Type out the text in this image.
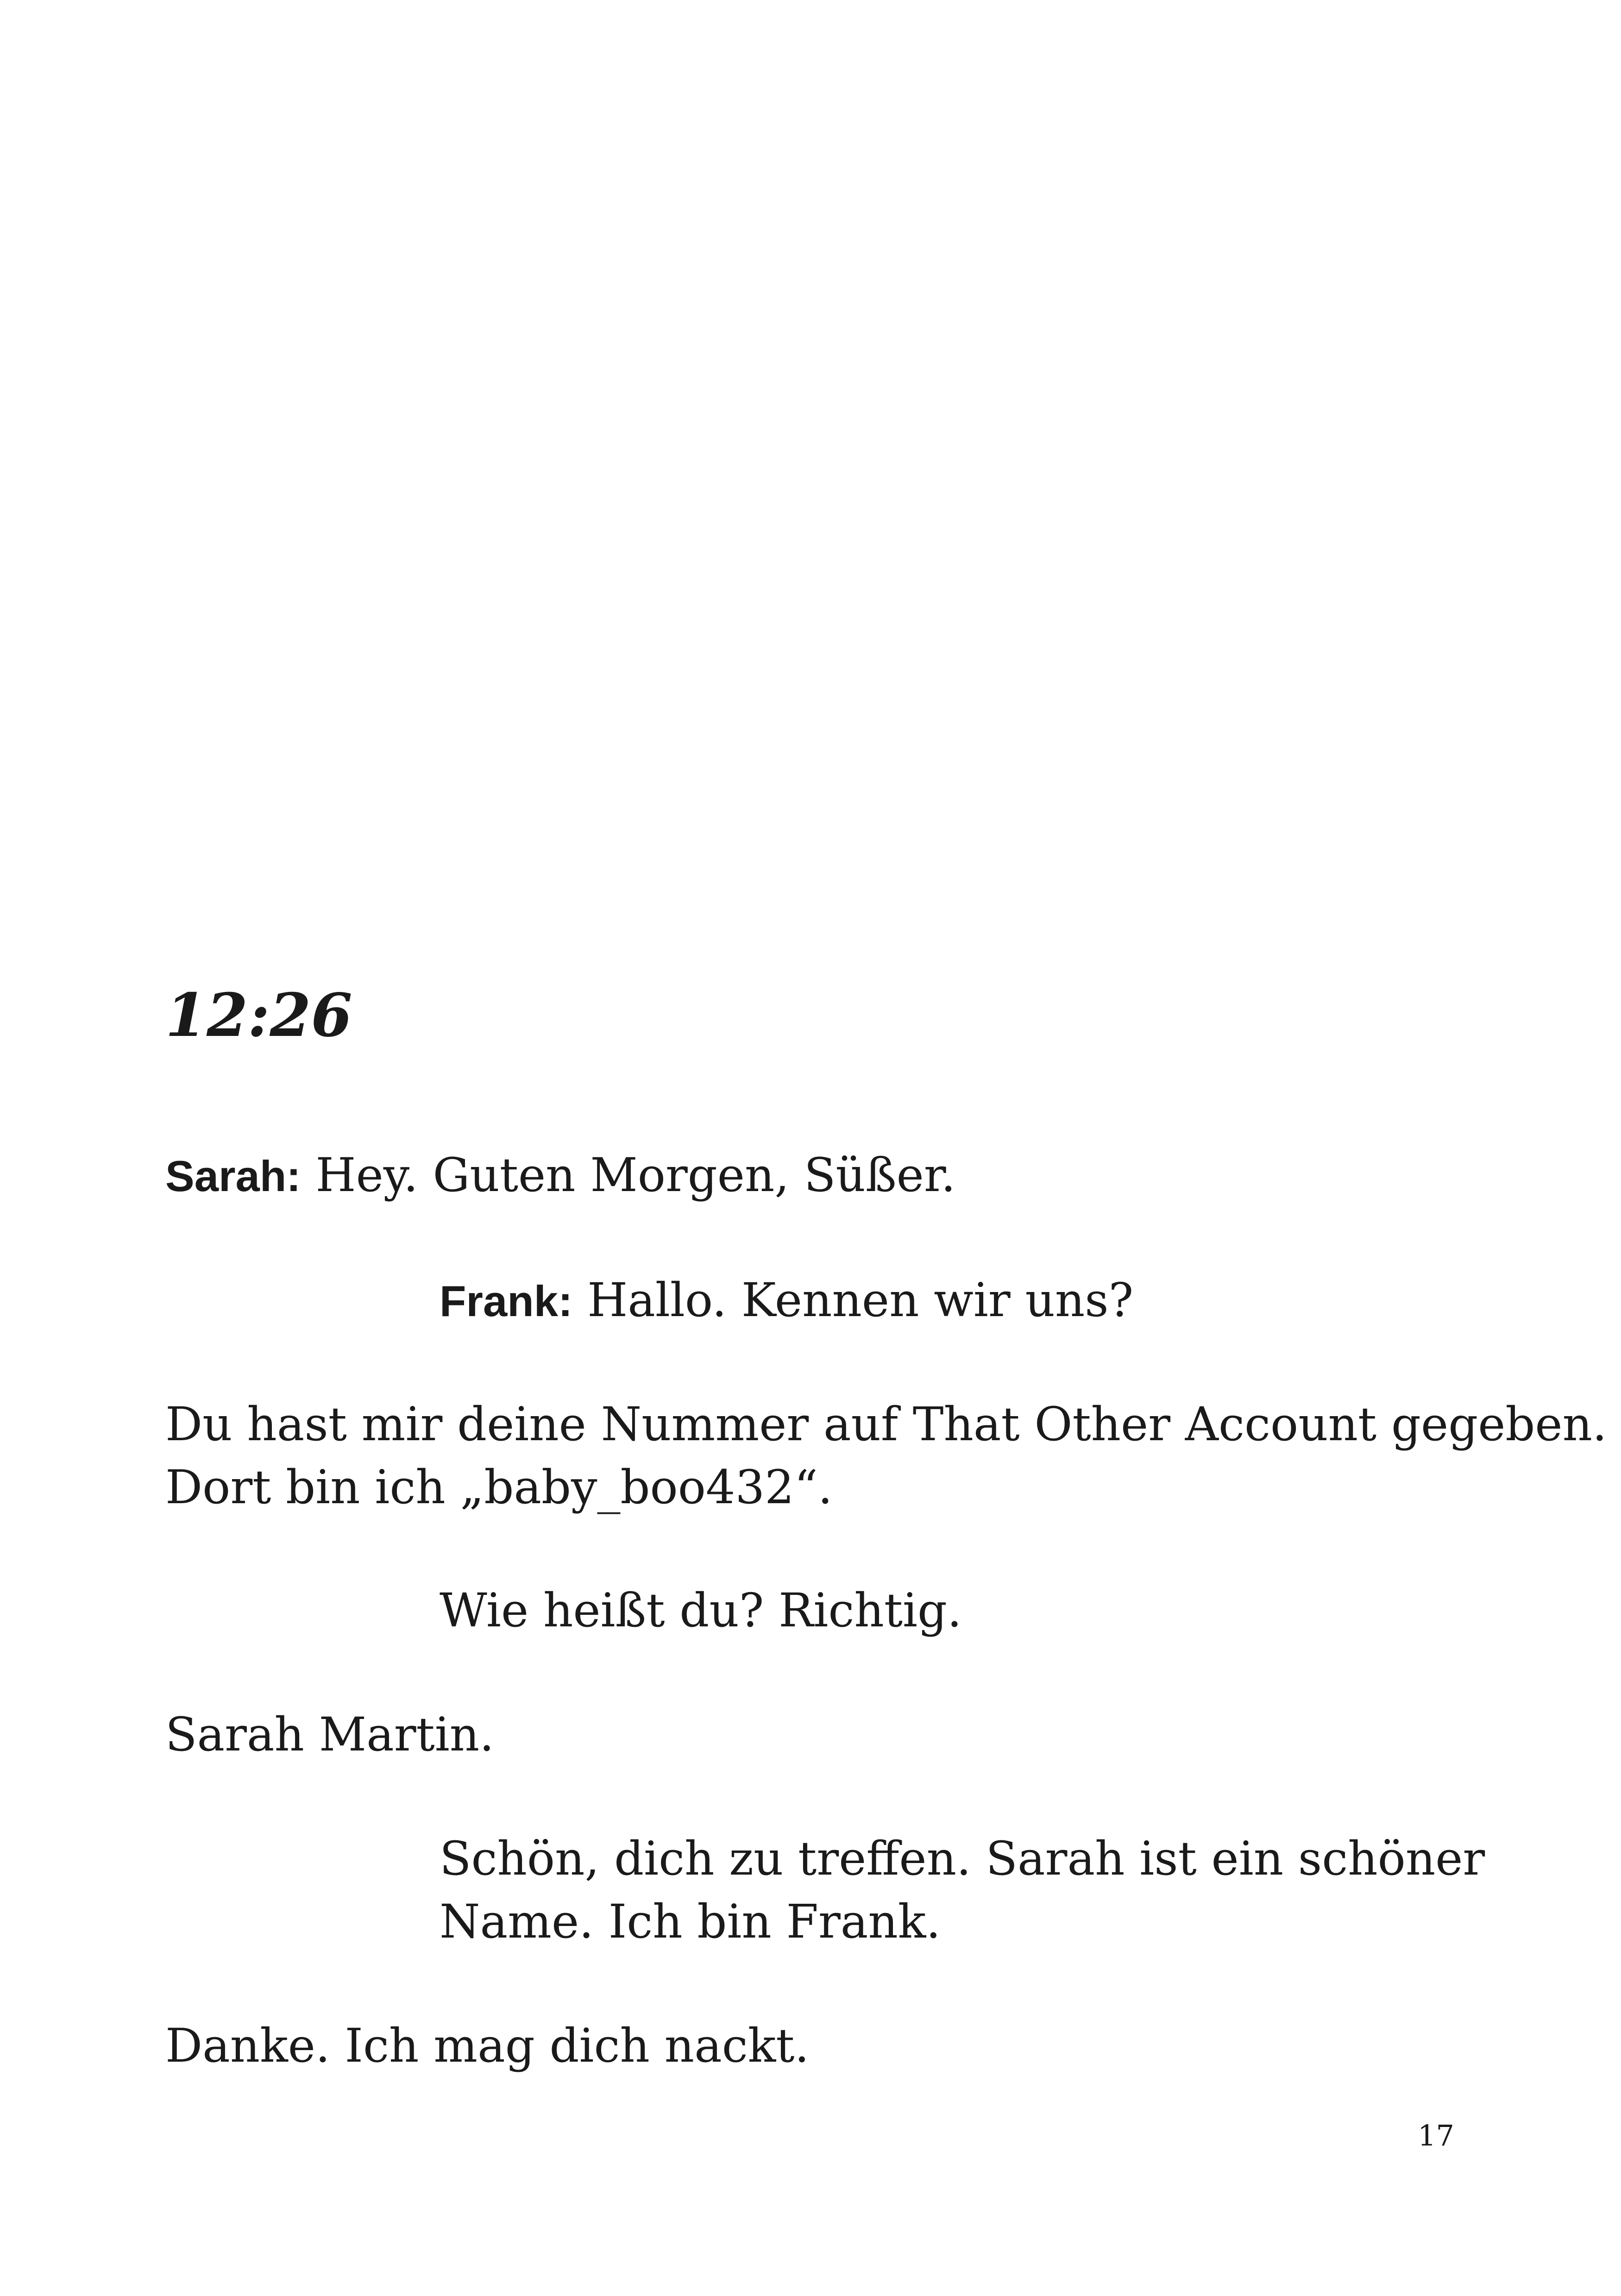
12:26

Sarah: Hey. Guten Morgen, Süßer.

Frank: Hallo. Kennen wir uns?

Du hast mir deine Nummer auf That Other Account gegeben.
Dort bin ich „baby_boo432“.

Wie heißt du? Richtig.

Sarah Martin.

Schön, dich zu treffen. Sarah ist ein schöner
Name. Ich bin Frank.

Danke. Ich mag dich nackt.

17
